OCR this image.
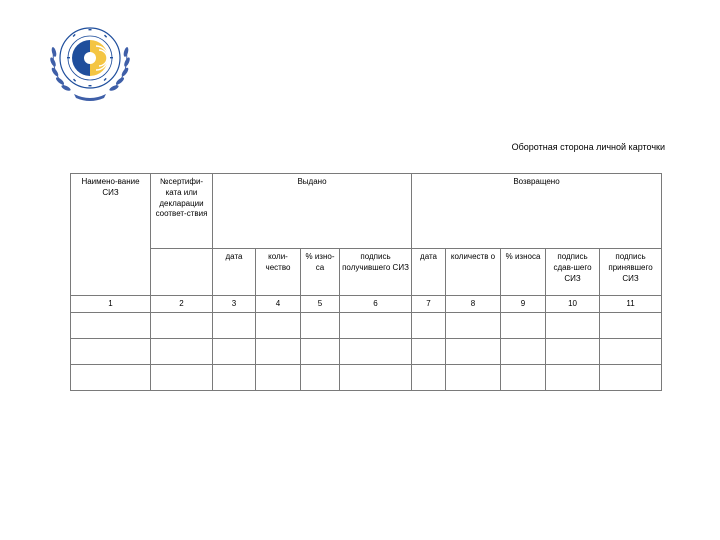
Оборотная сторона личной карточки
Наимено-вание СИЗ	№сертифи-ката или декларации соответ-ствия	Выдано				Возвращено				
		дата	коли-чество	% изно-са	подпись получившего СИЗ	дата	количеств о	% износа	подпись сдав-шего СИЗ	подпись принявшего СИЗ
1	2	3	4	5	6	7	8	9	10	11
